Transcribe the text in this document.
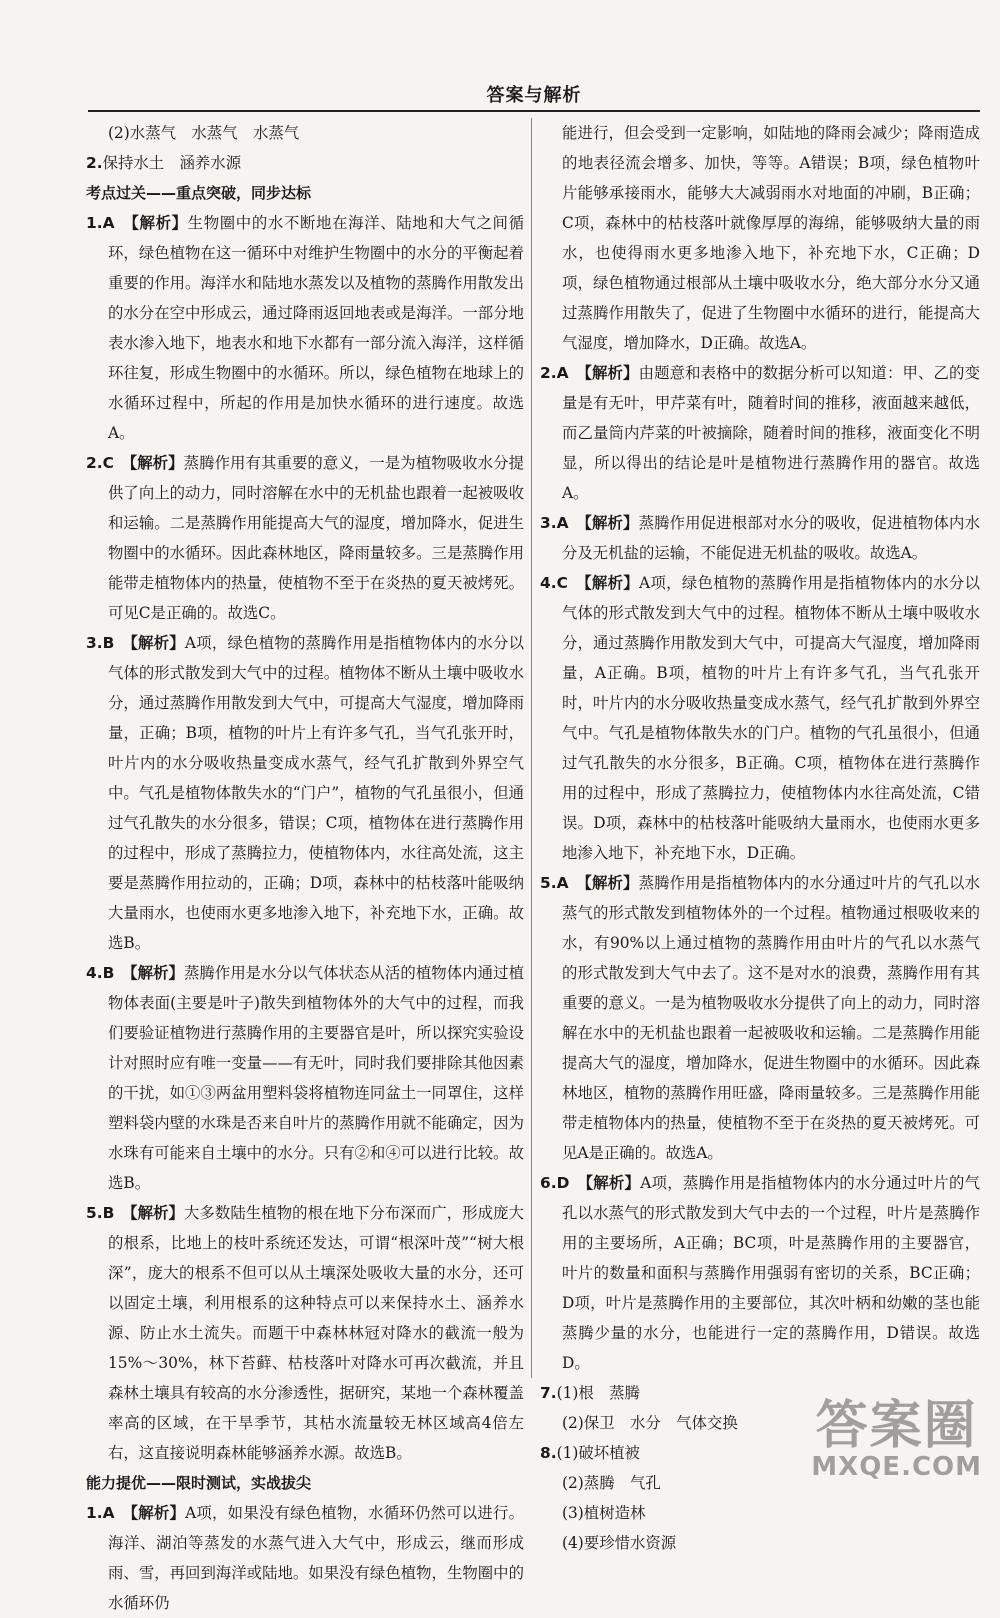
答案与解析

(2)水蒸气　水蒸气　水蒸气

2.保持水土　涵养水源

考点过关——重点突破，同步达标

1.A　 【解析】生物圈中的水不断地在海洋、陆地和大气之间循环，绿色植物在这一循环中对维护生物圈中的水分的平衡起着重要的作用。海洋水和陆地水蒸发以及植物的蒸腾作用散发出的水分在空中形成云，通过降雨返回地表或是海洋。一部分地表水渗入地下，地表水和地下水都有一部分流入海洋，这样循环往复，形成生物圈中的水循环。所以，绿色植物在地球上的水循环过程中，所起的作用是加快水循环的进行速度。故选A。

2.C　 【解析】蒸腾作用有其重要的意义，一是为植物吸收水分提供了向上的动力，同时溶解在水中的无机盐也跟着一起被吸收和运输。二是蒸腾作用能提高大气的湿度，增加降水，促进生物圈中的水循环。因此森林地区，降雨量较多。三是蒸腾作用能带走植物体内的热量，使植物不至于在炎热的夏天被烤死。可见C是正确的。故选C。

3.B　 【解析】A项，绿色植物的蒸腾作用是指植物体内的水分以气体的形式散发到大气中的过程。植物体不断从土壤中吸收水分，通过蒸腾作用散发到大气中，可提高大气湿度，增加降雨量，正确；B项，植物的叶片上有许多气孔，当气孔张开时，叶片内的水分吸收热量变成水蒸气，经气孔扩散到外界空气中。气孔是植物体散失水的“门户”，植物的气孔虽很小，但通过气孔散失的水分很多，错误；C项，植物体在进行蒸腾作用的过程中，形成了蒸腾拉力，使植物体内，水往高处流，这主要是蒸腾作用拉动的，正确；D项，森林中的枯枝落叶能吸纳大量雨水，也使雨水更多地渗入地下，补充地下水，正确。故选B。

4.B　 【解析】蒸腾作用是水分以气体状态从活的植物体内通过植物体表面(主要是叶子)散失到植物体外的大气中的过程，而我们要验证植物进行蒸腾作用的主要器官是叶，所以探究实验设计对照时应有唯一变量——有无叶，同时我们要排除其他因素的干扰，如①③两盆用塑料袋将植物连同盆土一同罩住，这样塑料袋内壁的水珠是否来自叶片的蒸腾作用就不能确定，因为水珠有可能来自土壤中的水分。只有②和④可以进行比较。故选B。

5.B　 【解析】大多数陆生植物的根在地下分布深而广，形成庞大的根系，比地上的枝叶系统还发达，可谓“根深叶茂”“树大根深”，庞大的根系不但可以从土壤深处吸收大量的水分，还可以固定土壤，利用根系的这种特点可以来保持水土、涵养水源、防止水土流失。而题干中森林林冠对降水的截流一般为15%～30%，林下苔藓、枯枝落叶对降水可再次截流，并且森林土壤具有较高的水分渗透性，据研究，某地一个森林覆盖率高的区域，在干旱季节，其枯水流量较无林区域高4倍左右，这直接说明森林能够涵养水源。故选B。

能力提优——限时测试，实战拔尖

1.A　 【解析】A项，如果没有绿色植物，水循环仍然可以进行。海洋、湖泊等蒸发的水蒸气进入大气中，形成云，继而形成雨、雪，再回到海洋或陆地。如果没有绿色植物，生物圈中的水循环仍

能进行，但会受到一定影响，如陆地的降雨会减少；降雨造成的地表径流会增多、加快，等等。A错误；B项，绿色植物叶片能够承接雨水，能够大大减弱雨水对地面的冲刷，B正确；C项，森林中的枯枝落叶就像厚厚的海绵，能够吸纳大量的雨水，也使得雨水更多地渗入地下，补充地下水，C正确；D项，绿色植物通过根部从土壤中吸收水分，绝大部分水分又通过蒸腾作用散失了，促进了生物圈中水循环的进行，能提高大气湿度，增加降水，D正确。故选A。

2.A　 【解析】由题意和表格中的数据分析可以知道：甲、乙的变量是有无叶，甲芹菜有叶，随着时间的推移，液面越来越低，而乙量筒内芹菜的叶被摘除，随着时间的推移，液面变化不明显，所以得出的结论是叶是植物进行蒸腾作用的器官。故选A。

3.A　 【解析】蒸腾作用促进根部对水分的吸收，促进植物体内水分及无机盐的运输，不能促进无机盐的吸收。故选A。

4.C　 【解析】A项，绿色植物的蒸腾作用是指植物体内的水分以气体的形式散发到大气中的过程。植物体不断从土壤中吸收水分，通过蒸腾作用散发到大气中，可提高大气湿度，增加降雨量，A正确。B项，植物的叶片上有许多气孔，当气孔张开时，叶片内的水分吸收热量变成水蒸气，经气孔扩散到外界空气中。气孔是植物体散失水的门户。植物的气孔虽很小，但通过气孔散失的水分很多，B正确。C项，植物体在进行蒸腾作用的过程中，形成了蒸腾拉力，使植物体内水往高处流，C错误。D项，森林中的枯枝落叶能吸纳大量雨水，也使雨水更多地渗入地下，补充地下水，D正确。

5.A　 【解析】蒸腾作用是指植物体内的水分通过叶片的气孔以水蒸气的形式散发到植物体外的一个过程。植物通过根吸收来的水，有90%以上通过植物的蒸腾作用由叶片的气孔以水蒸气的形式散发到大气中去了。这不是对水的浪费，蒸腾作用有其重要的意义。一是为植物吸收水分提供了向上的动力，同时溶解在水中的无机盐也跟着一起被吸收和运输。二是蒸腾作用能提高大气的湿度，增加降水，促进生物圈中的水循环。因此森林地区，植物的蒸腾作用旺盛，降雨量较多。三是蒸腾作用能带走植物体内的热量，使植物不至于在炎热的夏天被烤死。可见A是正确的。故选A。

6.D　 【解析】A项，蒸腾作用是指植物体内的水分通过叶片的气孔以水蒸气的形式散发到大气中去的一个过程，叶片是蒸腾作用的主要场所，A正确；BC项，叶是蒸腾作用的主要器官，叶片的数量和面积与蒸腾作用强弱有密切的关系，BC正确；D项，叶片是蒸腾作用的主要部位，其次叶柄和幼嫩的茎也能蒸腾少量的水分，也能进行一定的蒸腾作用，D错误。故选D。

7.(1)根　蒸腾

(2)保卫　水分　气体交换

8.(1)破坏植被

(2)蒸腾　气孔

(3)植树造林

(4)要珍惜水资源

答案圈
MXQE.COM
